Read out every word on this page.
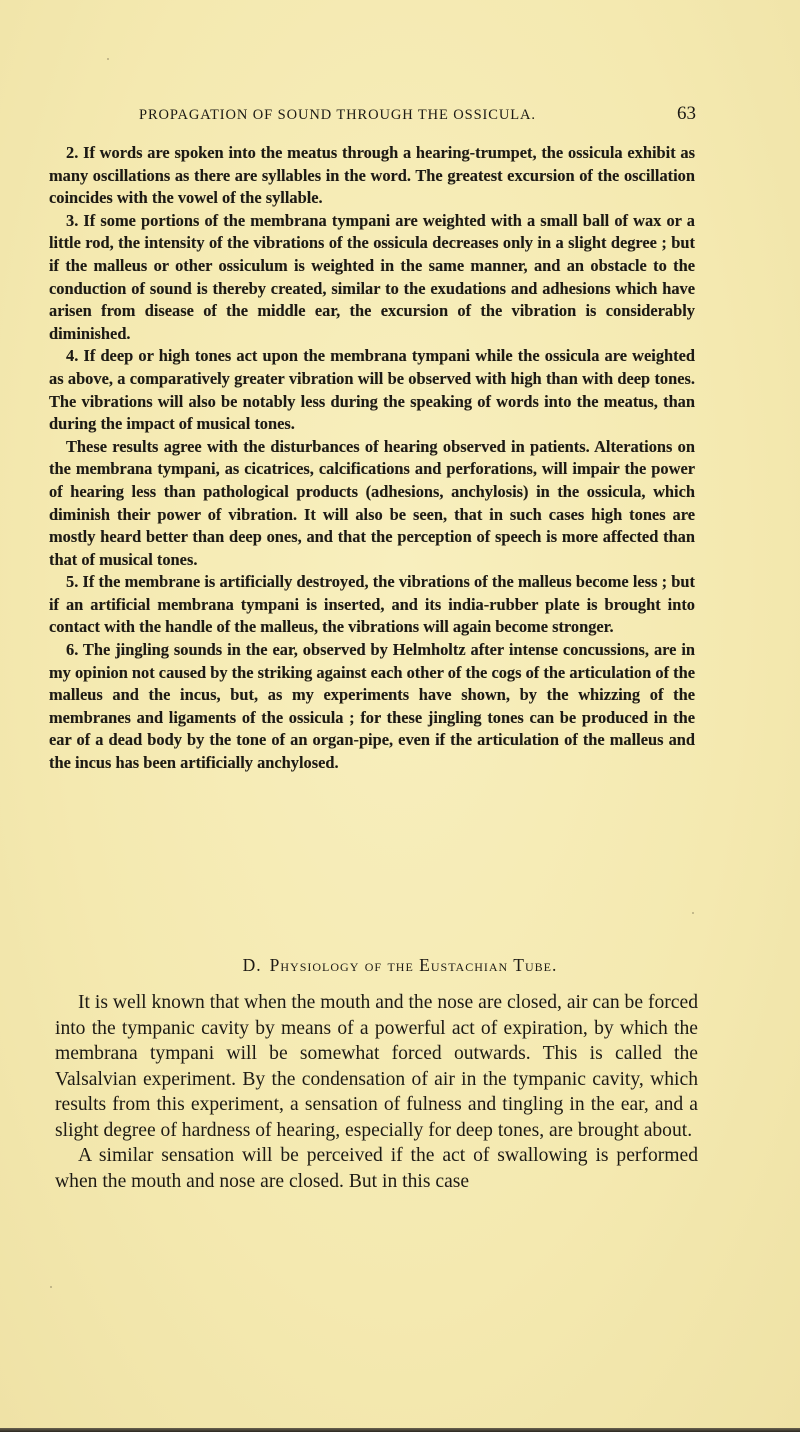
PROPAGATION OF SOUND THROUGH THE OSSICULA.	63

2. If words are spoken into the meatus through a hearing-trumpet, the ossicula exhibit as many oscillations as there are syllables in the word. The greatest excursion of the oscillation coincides with the vowel of the syllable.

3. If some portions of the membrana tympani are weighted with a small ball of wax or a little rod, the intensity of the vibrations of the ossicula decreases only in a slight degree ; but if the malleus or other ossiculum is weighted in the same manner, and an obstacle to the conduction of sound is thereby created, similar to the exudations and adhesions which have arisen from disease of the middle ear, the excursion of the vibration is considerably diminished.

4. If deep or high tones act upon the membrana tympani while the ossicula are weighted as above, a comparatively greater vibration will be observed with high than with deep tones. The vibrations will also be notably less during the speaking of words into the meatus, than during the impact of musical tones.

These results agree with the disturbances of hearing observed in patients. Alterations on the membrana tympani, as cicatrices, calcifications and perforations, will impair the power of hearing less than pathological products (adhesions, anchylosis) in the ossicula, which diminish their power of vibration. It will also be seen, that in such cases high tones are mostly heard better than deep ones, and that the perception of speech is more affected than that of musical tones.

5. If the membrane is artificially destroyed, the vibrations of the malleus become less ; but if an artificial membrana tympani is inserted, and its india-rubber plate is brought into contact with the handle of the malleus, the vibrations will again become stronger.

6. The jingling sounds in the ear, observed by Helmholtz after intense concussions, are in my opinion not caused by the striking against each other of the cogs of the articulation of the malleus and the incus, but, as my experiments have shown, by the whizzing of the membranes and ligaments of the ossicula ; for these jingling tones can be produced in the ear of a dead body by the tone of an organ-pipe, even if the articulation of the malleus and the incus has been artificially anchylosed.

D. Physiology of the Eustachian Tube.

It is well known that when the mouth and the nose are closed, air can be forced into the tympanic cavity by means of a powerful act of expiration, by which the membrana tympani will be somewhat forced outwards. This is called the Valsalvian experiment. By the condensation of air in the tympanic cavity, which results from this experiment, a sensation of fulness and tingling in the ear, and a slight degree of hardness of hearing, especially for deep tones, are brought about.

A similar sensation will be perceived if the act of swallowing is performed when the mouth and nose are closed. But in this case
